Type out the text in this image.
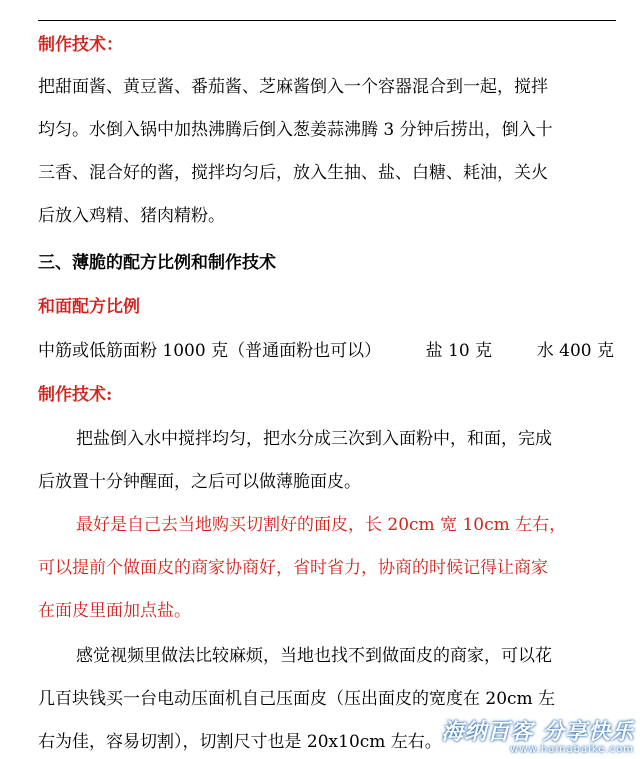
制作技术：
把甜面酱、黄豆酱、番茄酱、芝麻酱倒入一个容器混合到一起，搅拌
均匀。水倒入锅中加热沸腾后倒入葱姜蒜沸腾 3 分钟后捞出，倒入十
三香、混合好的酱，搅拌均匀后，放入生抽、盐、白糖、耗油，关火
后放入鸡精、猪肉精粉。
三、薄脆的配方比例和制作技术
和面配方比例
中筋或低筋面粉 1000 克（普通面粉也可以）	盐 10 克	水 400 克
制作技术:
把盐倒入水中搅拌均匀，把水分成三次到入面粉中，和面，完成
后放置十分钟醒面，之后可以做薄脆面皮。
最好是自己去当地购买切割好的面皮，长 20cm 宽 10cm 左右，
可以提前个做面皮的商家协商好，省时省力，协商的时候记得让商家
在面皮里面加点盐。
感觉视频里做法比较麻烦，当地也找不到做面皮的商家，可以花
几百块钱买一台电动压面机自己压面皮（压出面皮的宽度在 20cm 左
右为佳，容易切割），切割尺寸也是 20x10cm 左右。 海纳百客 分享快乐
www.hainabaike.com
